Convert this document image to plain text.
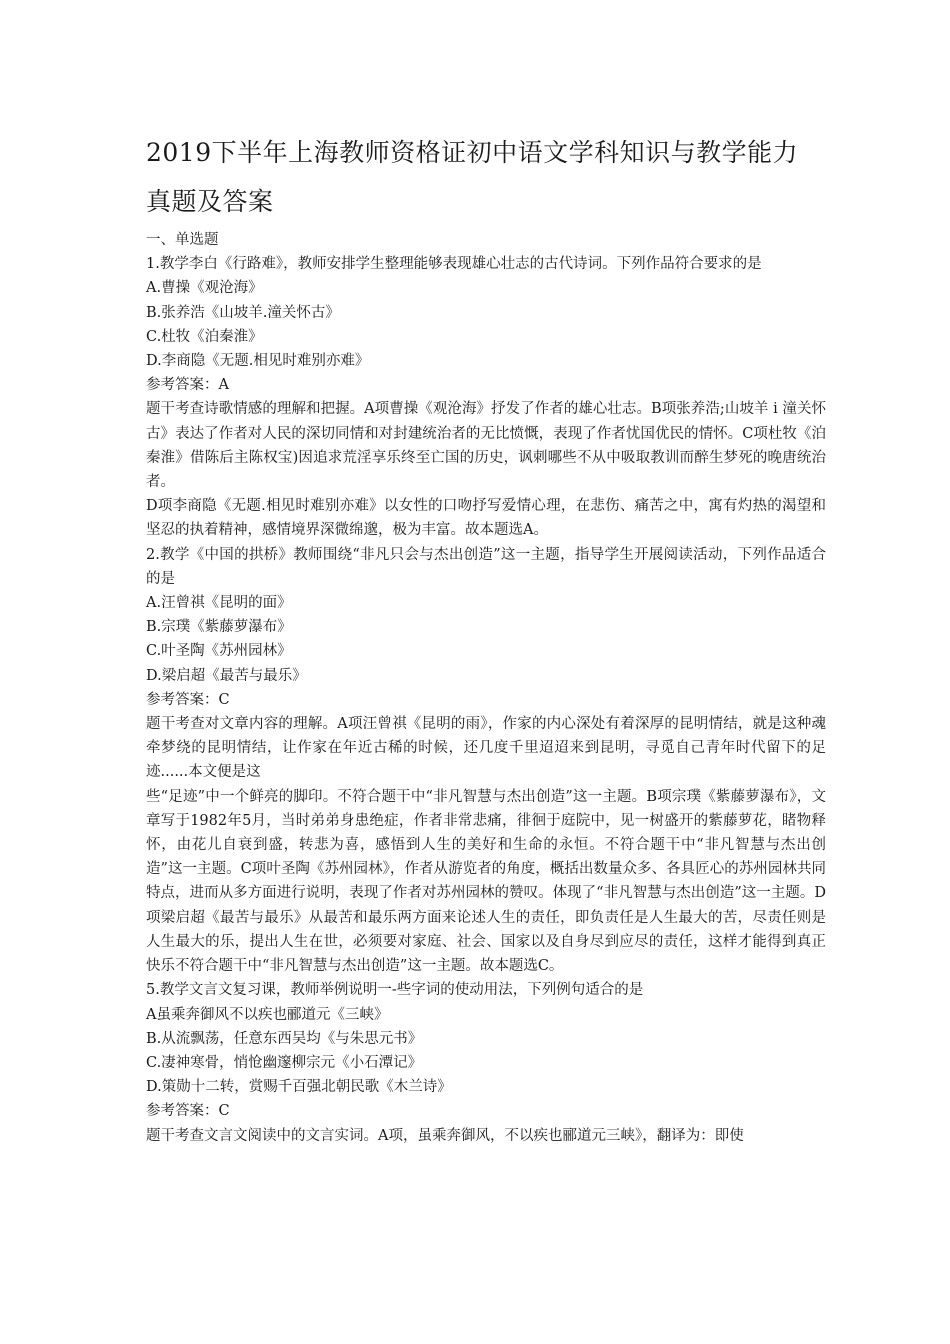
2019下半年上海教师资格证初中语文学科知识与教学能力
真题及答案
一、单选题
1.教学李白《行路难》，教师安排学生整理能够表现雄心壮志的古代诗词。下列作品符合要求的是
A.曹操《观沧海》
B.张养浩《山坡羊.潼关怀古》
C.杜牧《泊秦淮》
D.李商隐《无题.相见时难别亦难》
参考答案：A
题干考查诗歌情感的理解和把握。A项曹操《观沧海》抒发了作者的雄心壮志。B项张养浩;山坡羊 i 潼关怀古》表达了作者对人民的深切同情和对封建统治者的无比愤慨，表现了作者忧国优民的情怀。C项杜牧《泊秦淮》借陈后主陈权宝)因追求荒淫享乐终至亡国的历史，讽刺哪些不从中吸取教训而醉生梦死的晚唐统治者。
D项李商隐《无题.相见时难别亦难》以女性的口吻抒写爱情心理，在悲伤、痛苦之中，寓有灼热的渴望和坚忍的执着精神，感情境界深微绵邈，极为丰富。故本题选A。
2.教学《中国的拱桥》教师围绕“非凡只会与杰出创造”这一主题，指导学生开展阅读活动，下列作品适合的是
A.汪曾祺《昆明的面》
B.宗璞《紫藤萝瀑布》
C.叶圣陶《苏州园林》
D.梁启超《最苦与最乐》
参考答案：C
题干考查对文章内容的理解。A项汪曾祺《昆明的雨》，作家的内心深处有着深厚的昆明情结，就是这种魂牵梦绕的昆明情结，让作家在年近古稀的时候，还几度千里迢迢来到昆明，寻觅自己青年时代留下的足迹......本文便是这
些“足迹”中一个鲜亮的脚印。不符合题干中“非凡智慧与杰出创造”这一主题。B项宗璞《紫藤萝瀑布》，文章写于1982年5月，当时弟弟身患绝症，作者非常悲痛，徘徊于庭院中，见一树盛开的紫藤萝花，睹物释怀，由花儿自衰到盛，转悲为喜，感悟到人生的美好和生命的永恒。不符合题干中“非凡智慧与杰出创造”这一主题。C项叶圣陶《苏州园林》，作者从游览者的角度，概括出数量众多、各具匠心的苏州园林共同特点，进而从多方面进行说明，表现了作者对苏州园林的赞叹。体现了“非凡智慧与杰出创造”这一主题。D项梁启超《最苦与最乐》从最苦和最乐两方面来论述人生的责任，即负责任是人生最大的苦，尽责任则是人生最大的乐，提出人生在世，必须要对家庭、社会、国家以及自身尽到应尽的责任，这样才能得到真正快乐不符合题干中“非凡智慧与杰出创造”这一主题。故本题选C。
5.教学文言文复习课，教师举例说明一-些字词的使动用法，下列例句适合的是
A虽乘奔御风不以疾也郦道元《三峡》
B.从流飘荡，任意东西吴均《与朱思元书》
C.凄神寒骨，悄怆幽邃柳宗元《小石潭记》
D.策勋十二转，赏赐千百强北朝民歌《木兰诗》
参考答案：C
题干考查文言文阅读中的文言实词。A项，虽乘奔御风，不以疾也郦道元三峡》，翻译为：即使
